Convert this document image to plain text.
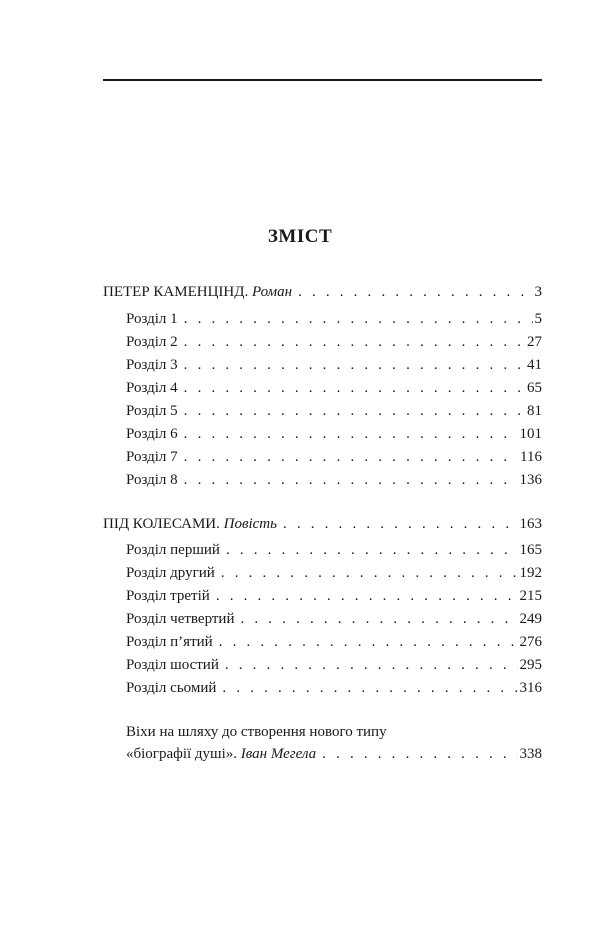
ЗМІСТ
ПЕТЕР КАМЕНЦІНД. Роман . . .	3
Розділ 1 . . .	5
Розділ 2 . . .	27
Розділ 3 . . .	41
Розділ 4 . . .	65
Розділ 5 . . .	81
Розділ 6 . . .	101
Розділ 7 . . .	116
Розділ 8 . . .	136
ПІД КОЛЕСАМИ. Повість . . .	163
Розділ перший . . .	165
Розділ другий . . .	192
Розділ третій . . .	215
Розділ четвертий . . .	249
Розділ п’ятий . . .	276
Розділ шостий . . .	295
Розділ сьомий . . .	316
Віхи на шляху до створення нового типу
«біографії душі». Іван Мегела . . .	338
